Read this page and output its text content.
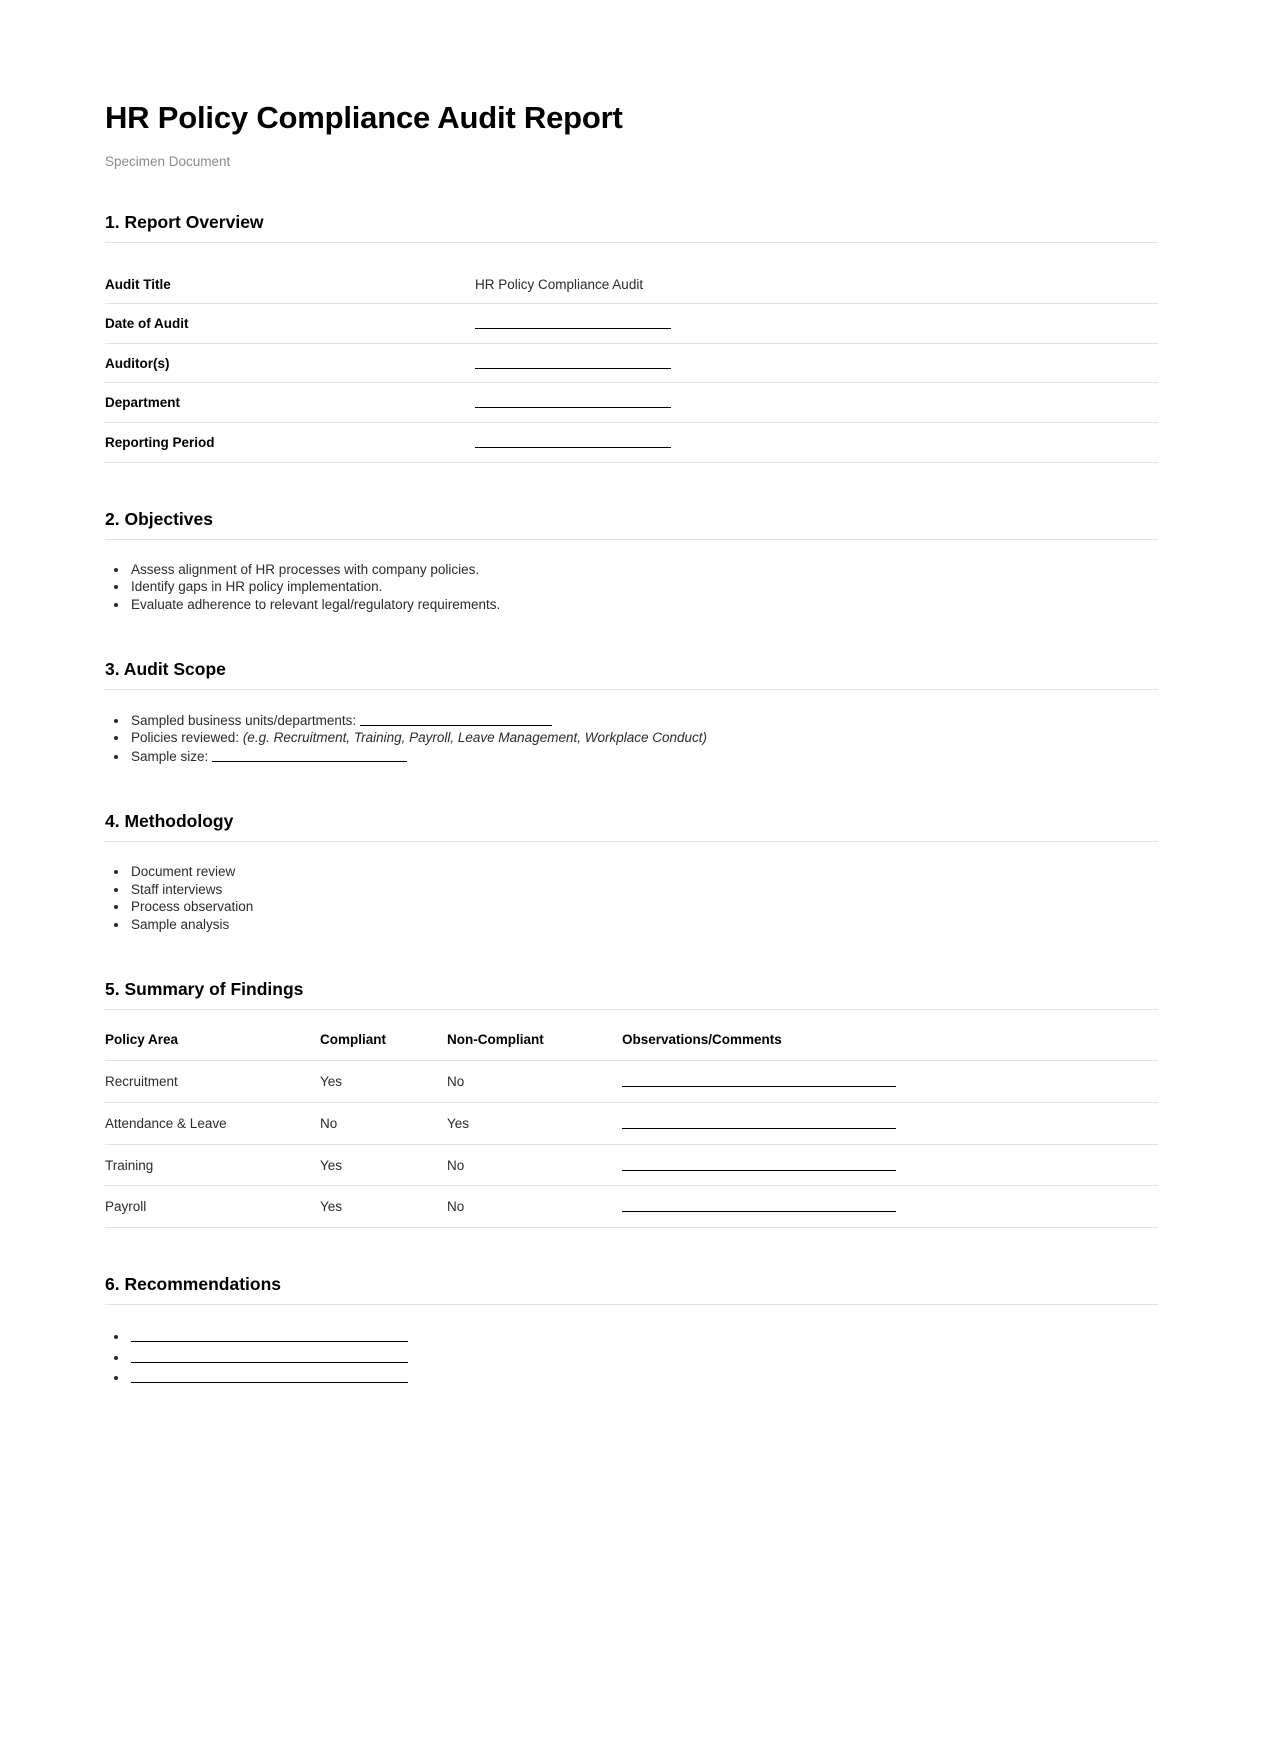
HR Policy Compliance Audit Report
Specimen Document
1. Report Overview
Audit Title	HR Policy Compliance Audit
Date of Audit	
Auditor(s)	
Department	
Reporting Period	
2. Objectives
• Assess alignment of HR processes with company policies.
• Identify gaps in HR policy implementation.
• Evaluate adherence to relevant legal/regulatory requirements.
3. Audit Scope
• Sampled business units/departments:
• Policies reviewed: (e.g. Recruitment, Training, Payroll, Leave Management, Workplace Conduct)
• Sample size:
4. Methodology
• Document review
• Staff interviews
• Process observation
• Sample analysis
5. Summary of Findings
Policy Area	Compliant	Non-Compliant	Observations/Comments
Recruitment	Yes	No	
Attendance & Leave	No	Yes	
Training	Yes	No	
Payroll	Yes	No	
6. Recommendations
•
•
•
